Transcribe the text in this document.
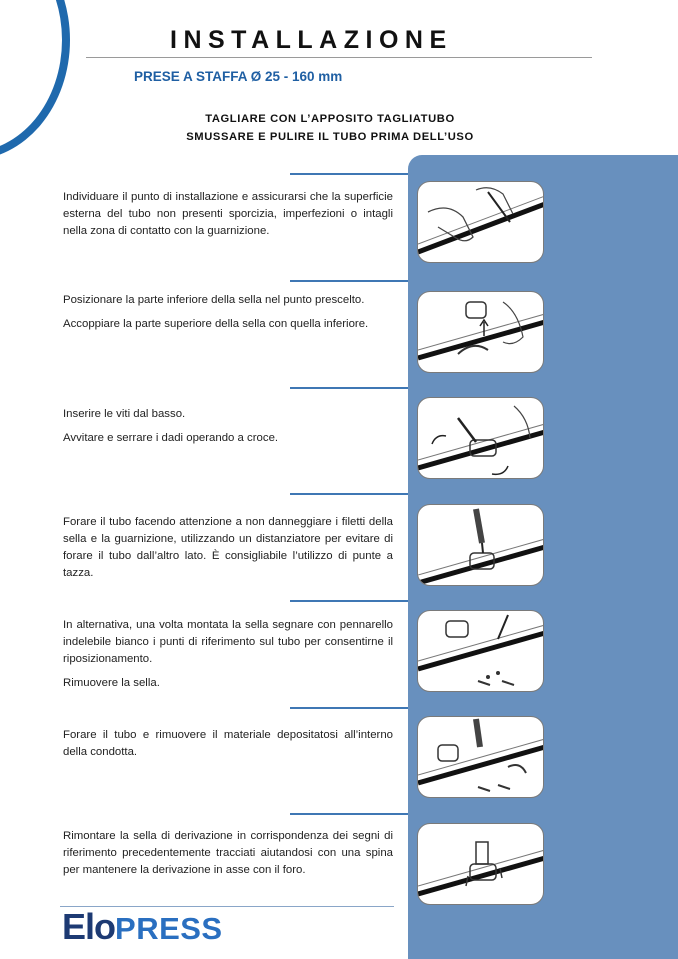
INSTALLAZIONE
PRESE A STAFFA Ø 25 - 160 mm
TAGLIARE CON L’APPOSITO TAGLIATUBO
SMUSSARE E PULIRE IL TUBO PRIMA DELL’USO

Individuare il punto di installazione e assicurarsi che la superficie esterna del tubo non presenti sporcizia, imperfezioni o intagli nella zona di contatto con la guarnizione.

Posizionare la parte inferiore della sella nel punto prescelto.

Accoppiare la parte superiore della sella con quella inferiore.

Inserire le viti dal basso.

Avvitare e serrare i dadi operando a croce.

Forare il tubo facendo attenzione a non danneggiare i filetti della sella e la guarnizione, utilizzando un distanziatore per evitare di forare il tubo dall’altro lato. È consigliabile l’utilizzo di punte a tazza.

In alternativa, una volta montata la sella segnare con pennarello indelebile bianco i punti di riferimento sul tubo per consentirne il riposizionamento.

Rimuovere la sella.

Forare il tubo e rimuovere il materiale depositatosi all’interno della condotta.

Rimontare la sella di derivazione in corrispondenza dei segni di riferimento precedentemente tracciati aiutandosi con una spina per mantenere la derivazione in asse con il foro.

EloPRESS
